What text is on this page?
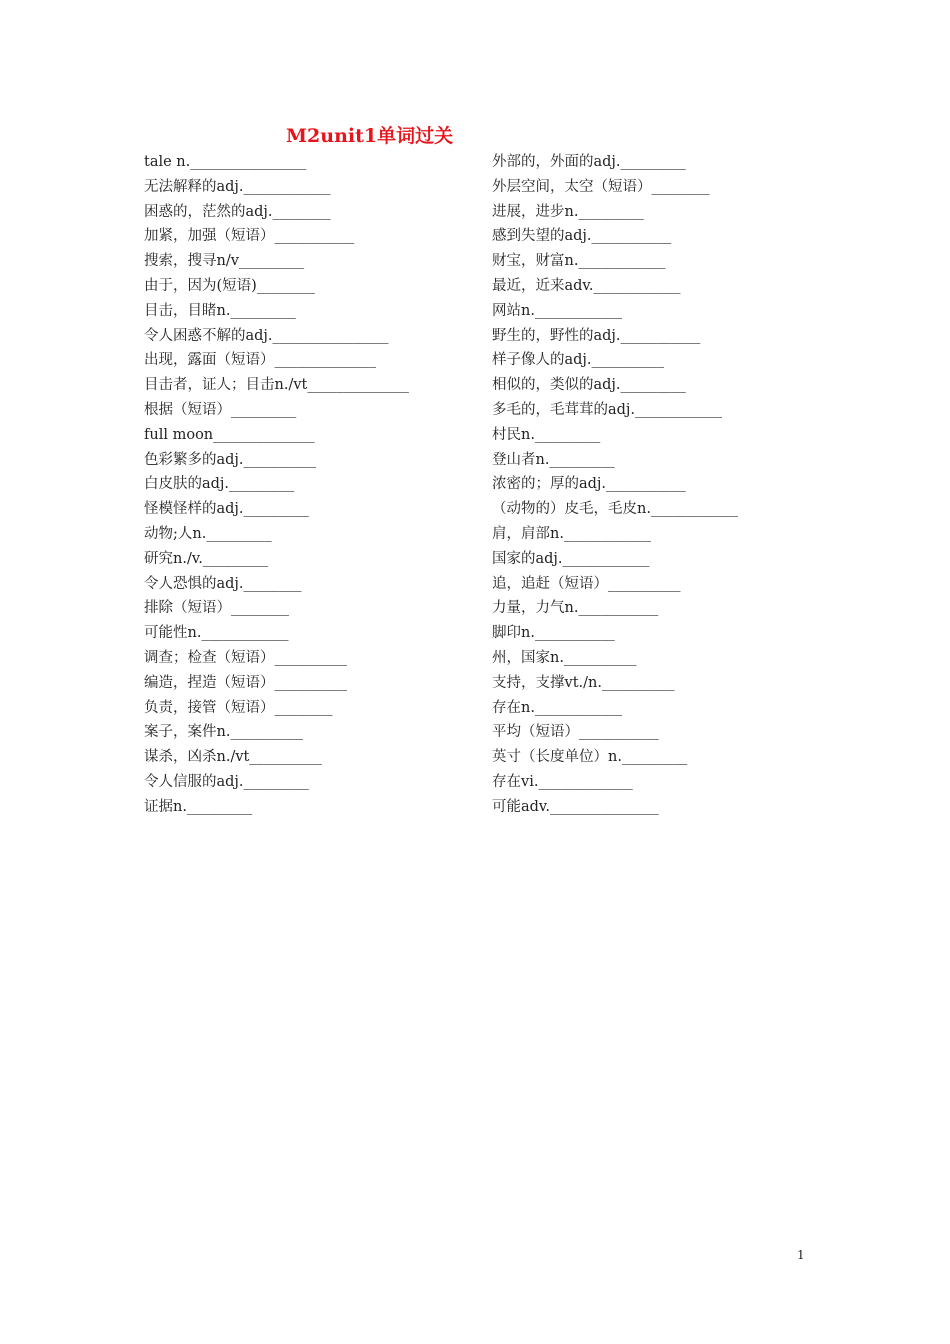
M2unit1单词过关
tale n.________________
无法解释的adj.____________
困惑的，茫然的adj.________
加紧，加强（短语）___________
搜索，搜寻n/v_________
由于，因为(短语)________
目击，目睹n._________
令人困惑不解的adj.________________
出现，露面（短语）______________
目击者，证人；目击n./vt______________
根据（短语）_________
full moon______________
色彩繁多的adj.__________
白皮肤的adj._________
怪模怪样的adj._________
动物;人n._________
研究n./v._________
令人恐惧的adj.________
排除（短语）________
可能性n.____________
调查；检查（短语）__________
编造，捏造（短语）__________
负责，接管（短语）________
案子，案件n.__________
谋杀，凶杀n./vt__________
令人信服的adj._________
证据n._________
外部的，外面的adj._________
外层空间，太空（短语）________
进展，进步n._________
感到失望的adj.___________
财宝，财富n.____________
最近，近来adv.____________
网站n.____________
野生的，野性的adj.___________
样子像人的adj.__________
相似的，类似的adj._________
多毛的，毛茸茸的adj.____________
村民n._________
登山者n._________
浓密的；厚的adj.___________
（动物的）皮毛，毛皮n.____________
肩，肩部n.____________
国家的adj.____________
追，追赶（短语）__________
力量，力气n.___________
脚印n.___________
州，国家n.__________
支持，支撑vt./n.__________
存在n.____________
平均（短语）___________
英寸（长度单位）n._________
存在vi._____________
可能adv._______________
1
